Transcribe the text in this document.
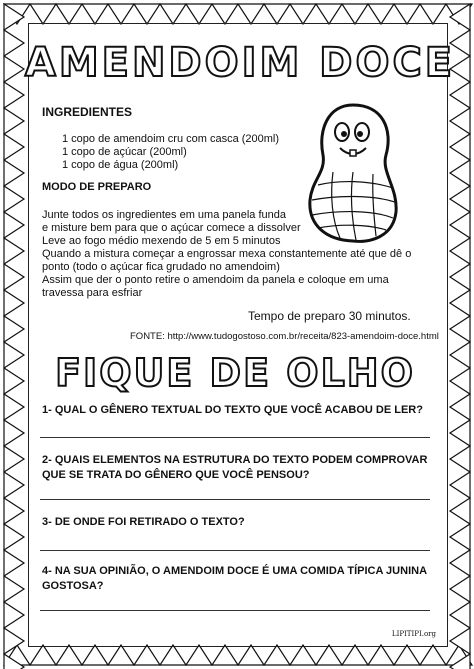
AMENDOIM DOCE
INGREDIENTES
1 copo de amendoim cru com casca (200ml)
1 copo de açúcar (200ml)
1 copo de água (200ml)
MODO DE PREPARO
Junte todos os ingredientes em uma panela funda
e misture bem para que o açúcar comece a dissolver
Leve ao fogo médio mexendo de 5 em 5 minutos
Quando a mistura começar a engrossar mexa constantemente até que dê o
ponto (todo o açúcar fica grudado no amendoim)
Assim que der o ponto retire o amendoim da panela e coloque em uma
travessa para esfriar
Tempo de preparo 30 minutos.
FONTE: http://www.tudogostoso.com.br/receita/823-amendoim-doce.html
FIQUE DE OLHO
1- QUAL O GÊNERO TEXTUAL DO TEXTO QUE VOCÊ ACABOU DE LER?
2- QUAIS ELEMENTOS NA ESTRUTURA DO TEXTO PODEM COMPROVAR QUE SE TRATA DO GÊNERO QUE VOCÊ PENSOU?
3- DE ONDE FOI RETIRADO O TEXTO?
4- NA SUA OPINIÃO, O AMENDOIM DOCE É UMA COMIDA TÍPICA JUNINA GOSTOSA?
LIPITIPI.org
